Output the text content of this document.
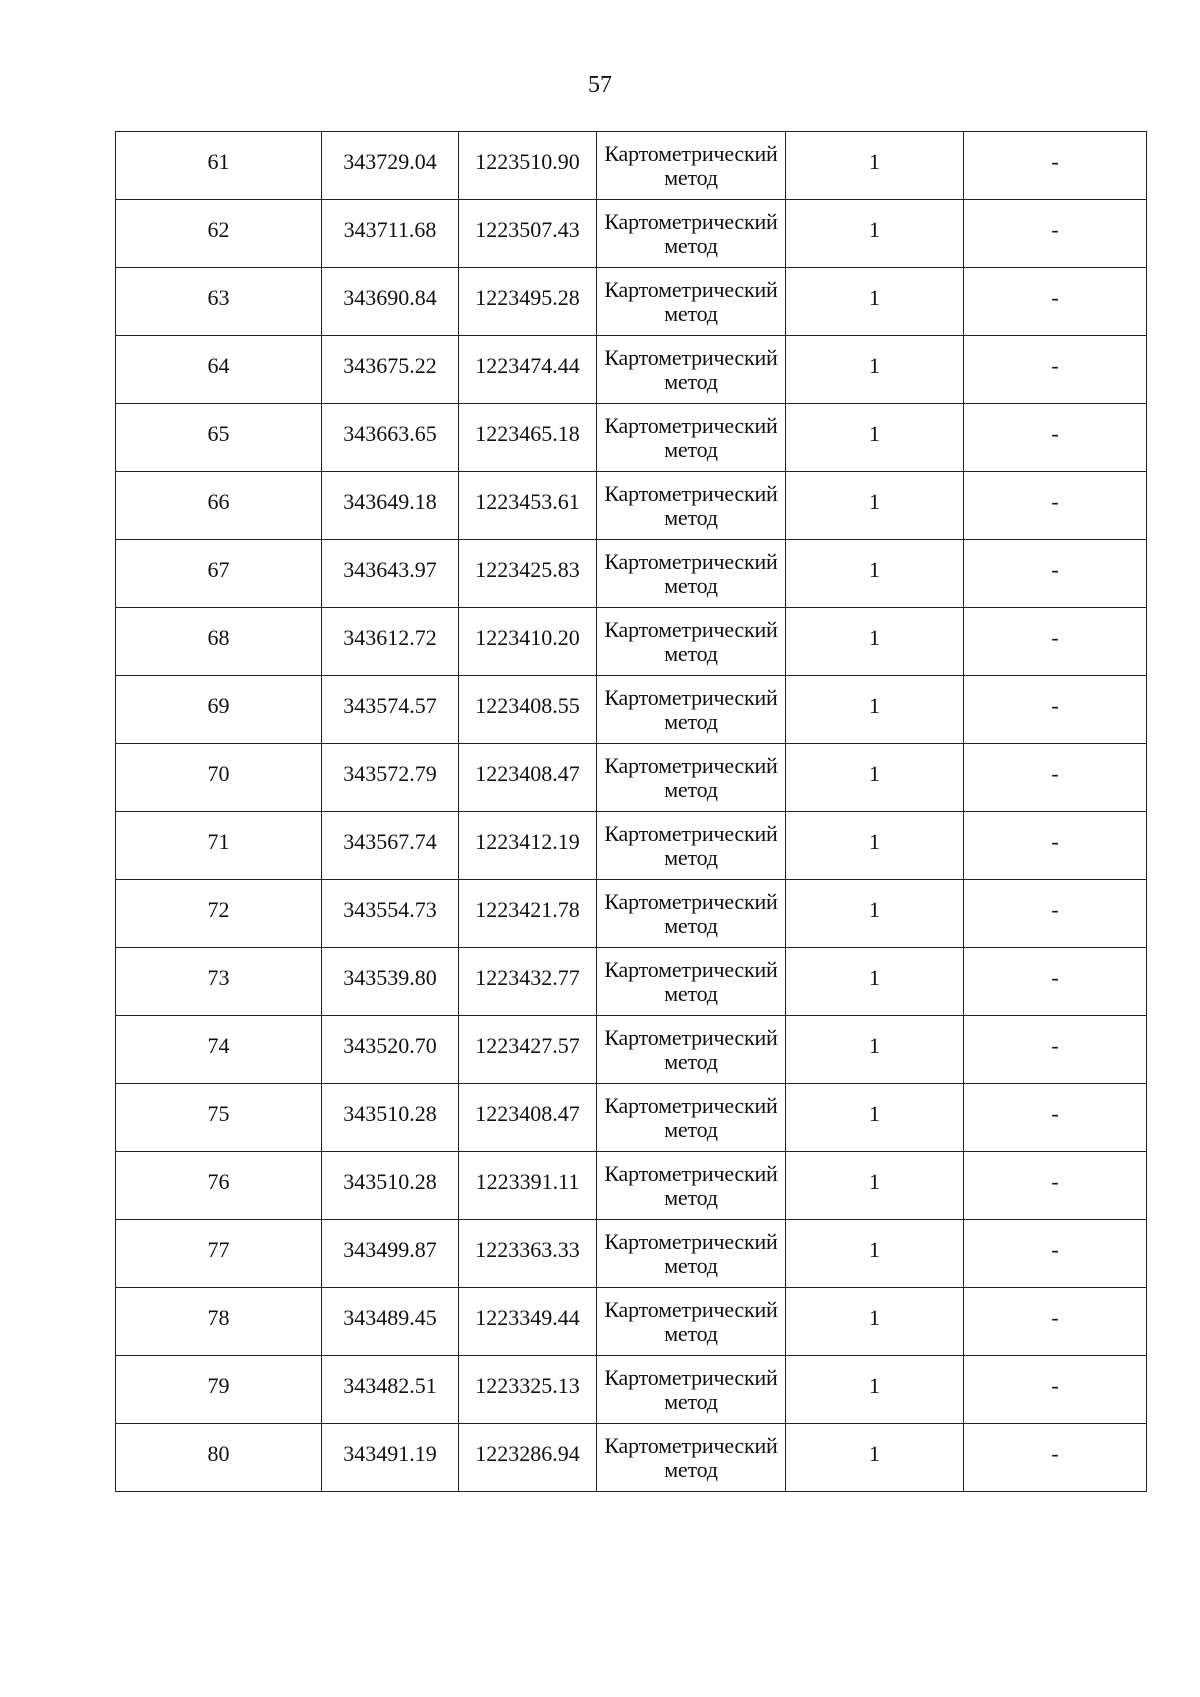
57
61	343729.04	1223510.90	Картометрический метод	1	-
62	343711.68	1223507.43	Картометрический метод	1	-
63	343690.84	1223495.28	Картометрический метод	1	-
64	343675.22	1223474.44	Картометрический метод	1	-
65	343663.65	1223465.18	Картометрический метод	1	-
66	343649.18	1223453.61	Картометрический метод	1	-
67	343643.97	1223425.83	Картометрический метод	1	-
68	343612.72	1223410.20	Картометрический метод	1	-
69	343574.57	1223408.55	Картометрический метод	1	-
70	343572.79	1223408.47	Картометрический метод	1	-
71	343567.74	1223412.19	Картометрический метод	1	-
72	343554.73	1223421.78	Картометрический метод	1	-
73	343539.80	1223432.77	Картометрический метод	1	-
74	343520.70	1223427.57	Картометрический метод	1	-
75	343510.28	1223408.47	Картометрический метод	1	-
76	343510.28	1223391.11	Картометрический метод	1	-
77	343499.87	1223363.33	Картометрический метод	1	-
78	343489.45	1223349.44	Картометрический метод	1	-
79	343482.51	1223325.13	Картометрический метод	1	-
80	343491.19	1223286.94	Картометрический метод	1	-
